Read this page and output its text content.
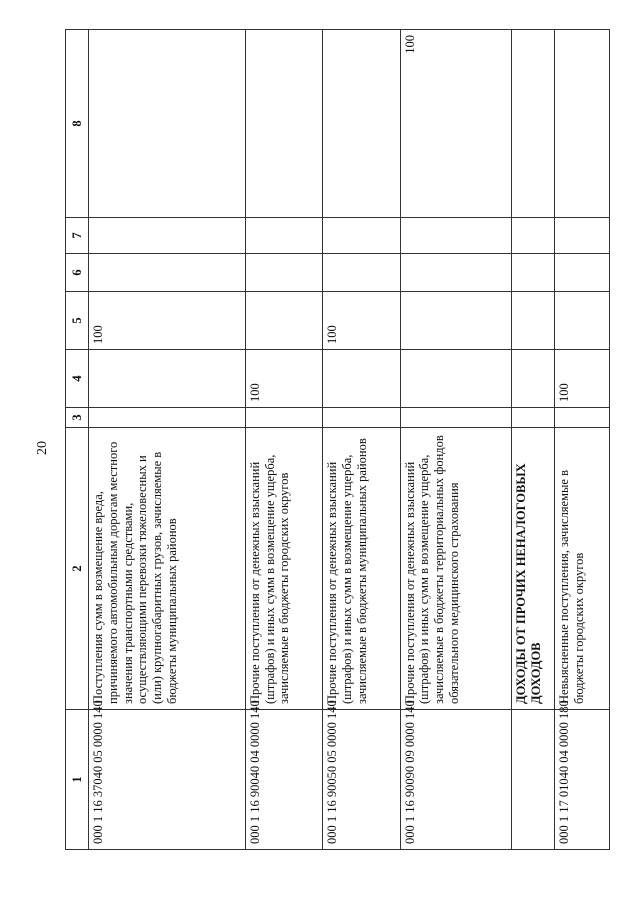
20
1	2	3	4	5	6	7	8
000 1 16 37040 05 0000 140	Поступления сумм в возмещение вреда, причиняемого автомобильным дорогам местного значения транспортными средствами, осуществляющими перевозки тяжеловесных и (или) крупногабаритных грузов, зачисляемые в бюджеты муниципальных районов			100			
000 1 16 90040 04 0000 140	Прочие поступления от денежных взысканий (штрафов) и иных сумм в возмещение ущерба, зачисляемые в бюджеты городских округов		100				
000 1 16 90050 05 0000 140	Прочие поступления от денежных взысканий (штрафов) и иных сумм в возмещение ущерба, зачисляемые в бюджеты муниципальных районов			100			
000 1 16 90090 09 0000 140	Прочие поступления от денежных взысканий (штрафов) и иных сумм в возмещение ущерба, зачисляемые в бюджеты территориальных фондов обязательного медицинского страхования						100
	ДОХОДЫ ОТ ПРОЧИХ НЕНАЛОГОВЫХ ДОХОДОВ						
000 1 17 01040 04 0000 180	Невыясненные поступления, зачисляемые в бюджеты городских округов		100				
